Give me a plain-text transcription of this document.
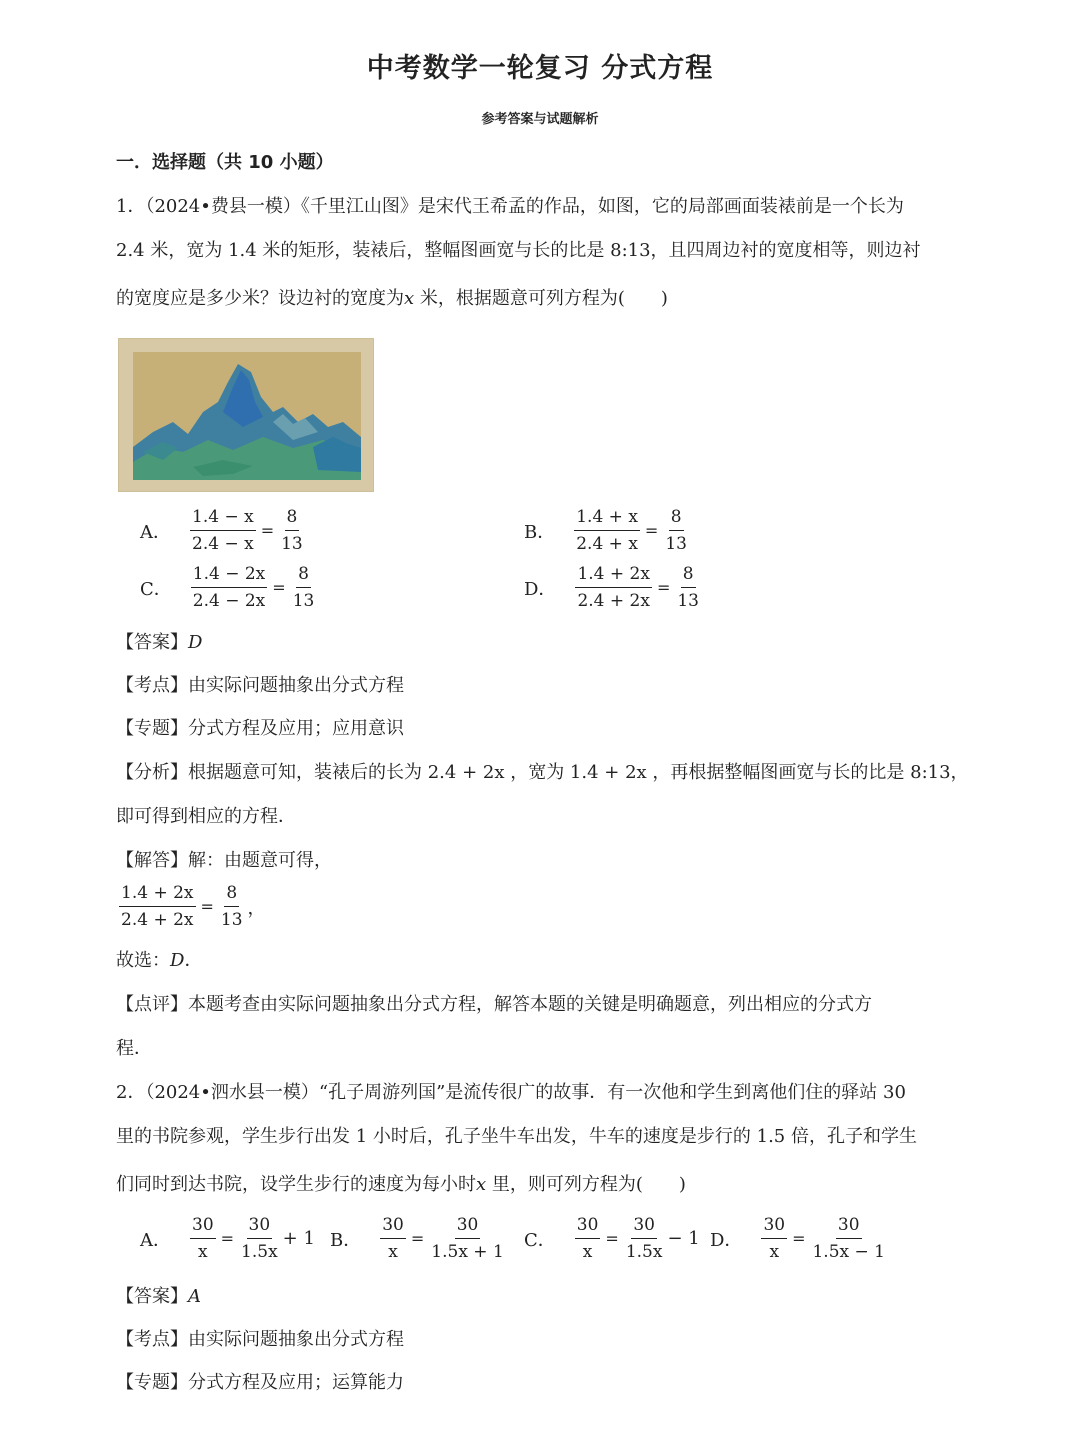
中考数学一轮复习 分式方程
参考答案与试题解析
一．选择题（共 10 小题）
1．（2024•费县一模）《千里江山图》是宋代王希孟的作品，如图，它的局部画面装裱前是一个长为
2.4 米，宽为 1.4 米的矩形，装裱后，整幅图画宽与长的比是 8:13，且四周边衬的宽度相等，则边衬
的宽度应是多少米？设边衬的宽度为x 米，根据题意可列方程为(　　)
A． $\frac{1.4 - x}{2.4 - x} = \frac{8}{13}$	B． $\frac{1.4 + x}{2.4 + x} = \frac{8}{13}$
C． $\frac{1.4 - 2x}{2.4 - 2x} = \frac{8}{13}$	D． $\frac{1.4 + 2x}{2.4 + 2x} = \frac{8}{13}$
【答案】D
【考点】由实际问题抽象出分式方程
【专题】分式方程及应用；应用意识
【分析】根据题意可知，装裱后的长为 2.4 + 2x ，宽为 1.4 + 2x ，再根据整幅图画宽与长的比是 8:13，
即可得到相应的方程．
【解答】解：由题意可得，
$\frac{1.4 + 2x}{2.4 + 2x} = \frac{8}{13}$ ，
故选：D．
【点评】本题考查由实际问题抽象出分式方程，解答本题的关键是明确题意，列出相应的分式方
程．
2．（2024•泗水县一模）“孔子周游列国”是流传很广的故事．有一次他和学生到离他们住的驿站 30
里的书院参观，学生步行出发 1 小时后，孔子坐牛车出发，牛车的速度是步行的 1.5 倍，孔子和学生
们同时到达书院，设学生步行的速度为每小时x 里，则可列方程为(　　)
A． $\frac{30}{x} = \frac{30}{1.5x} + 1$ B． $\frac{30}{x} = \frac{30}{1.5x + 1}$ C． $\frac{30}{x} = \frac{30}{1.5x} - 1$ D． $\frac{30}{x} = \frac{30}{1.5x - 1}$
【答案】A
【考点】由实际问题抽象出分式方程
【专题】分式方程及应用；运算能力
